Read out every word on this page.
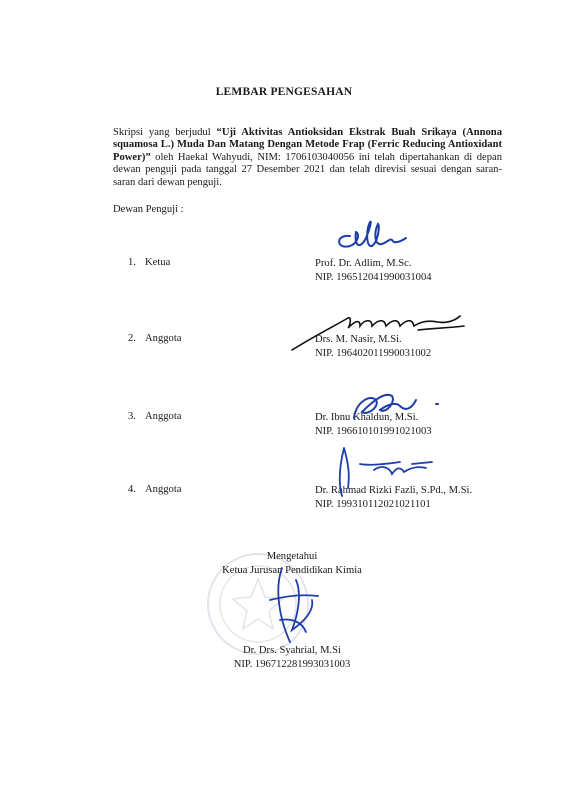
LEMBAR PENGESAHAN
Skripsi yang berjudul “Uji Aktivitas Antioksidan Ekstrak Buah Srikaya (Annona squamosa L.) Muda Dan Matang Dengan Metode Frap (Ferric Reducing Antioxidant Power)” oleh Haekal Wahyudi, NIM: 1706103040056 ini telah dipertahankan di depan dewan penguji pada tanggal 27 Desember 2021 dan telah direvisi sesuai dengan saran-saran dari dewan penguji.
Dewan Penguji :
1. Ketua	Prof. Dr. Adlim, M.Sc.
NIP. 196512041990031004
2. Anggota	Drs. M. Nasir, M.Si.
NIP. 196402011990031002
3. Anggota	Dr. Ibnu Khaldun, M.Si.
NIP. 196610101991021003
4. Anggota	Dr. Rahmad Rizki Fazli, S.Pd., M.Si.
NIP. 199310112021021101
Mengetahui
Ketua Jurusan Pendidikan Kimia
Dr. Drs. Syahrial, M.Si
NIP. 196712281993031003
